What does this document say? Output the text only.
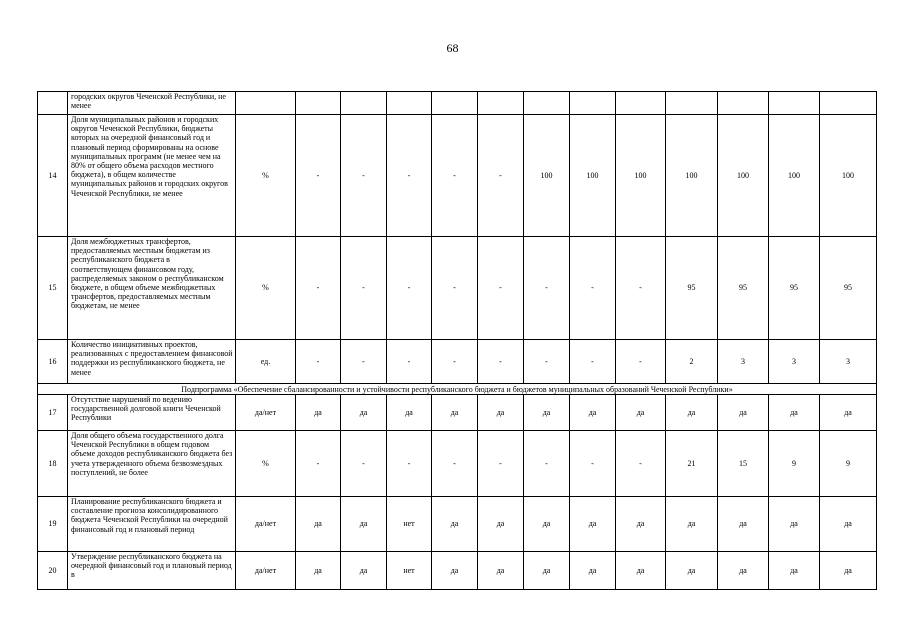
68
	городских округов Чеченской Республики, не менее													
14	Доля муниципальных районов и городских округов Чеченской Республики, бюджеты которых на очередной финансовый год и плановый период сформированы на основе муниципальных программ (не менее чем на 80% от общего объема расходов местного бюджета), в общем количестве муниципальных районов и городских округов Чеченской Республики, не менее	%	-	-	-	-	-	100	100	100	100	100	100	100
15	Доля межбюджетных трансфертов, предоставляемых местным бюджетам из республиканского бюджета в соответствующем финансовом году, распределяемых законом о республиканском бюджете, в общем объеме межбюджетных трансфертов, предоставляемых местным бюджетам, не менее	%	-	-	-	-	-	-	-	-	95	95	95	95
16	Количество инициативных проектов, реализованных с предоставлением финансовой поддержки из республиканского бюджета, не менее	ед.	-	-	-	-	-	-	-	-	2	3	3	3
Подпрограмма «Обеспечение сбалансированности и устойчивости республиканского бюджета и бюджетов муниципальных образований Чеченской Республики»														
17	Отсутствие нарушений по ведению государственной долговой книги Чеченской Республики	да/нет	да	да	да	да	да	да	да	да	да	да	да	да
18	Доля общего объема государственного долга Чеченской Республики в общем годовом объеме доходов республиканского бюджета без учета утвержденного объема безвозмездных поступлений, не более	%	-	-	-	-	-	-	-	-	21	15	9	9
19	Планирование республиканского бюджета и составление прогноза консолидированного бюджета Чеченской Республики на очередной финансовый год и плановый период	да/нет	да	да	нет	да	да	да	да	да	да	да	да	да
20	Утверждение республиканского бюджета на очередной финансовый год и плановый период в	да/нет	да	да	нет	да	да	да	да	да	да	да	да	да
